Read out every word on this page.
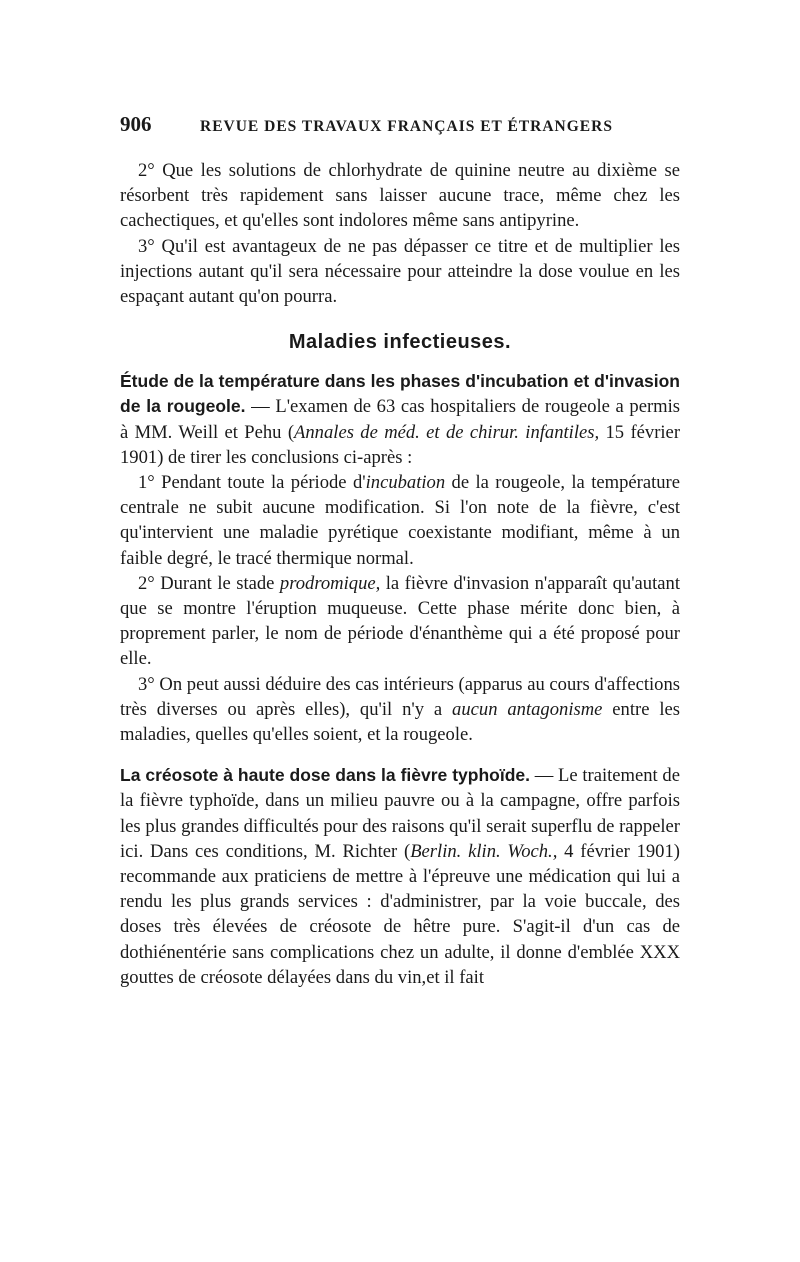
906	REVUE DES TRAVAUX FRANÇAIS ET ÉTRANGERS

2° Que les solutions de chlorhydrate de quinine neutre au dixième se résorbent très rapidement sans laisser aucune trace, même chez les cachectiques, et qu'elles sont indolores même sans antipyrine.

3° Qu'il est avantageux de ne pas dépasser ce titre et de multiplier les injections autant qu'il sera nécessaire pour atteindre la dose voulue en les espaçant autant qu'on pourra.

Maladies infectieuses.

Étude de la température dans les phases d'incubation et d'invasion de la rougeole. — L'examen de 63 cas hospitaliers de rougeole a permis à MM. Weill et Pehu (Annales de méd. et de chirur. infantiles, 15 février 1901) de tirer les conclusions ci-après :

1° Pendant toute la période d'incubation de la rougeole, la température centrale ne subit aucune modification. Si l'on note de la fièvre, c'est qu'intervient une maladie pyrétique coexistante modifiant, même à un faible degré, le tracé thermique normal.

2° Durant le stade prodromique, la fièvre d'invasion n'apparaît qu'autant que se montre l'éruption muqueuse. Cette phase mérite donc bien, à proprement parler, le nom de période d'énanthème qui a été proposé pour elle.

3° On peut aussi déduire des cas intérieurs (apparus au cours d'affections très diverses ou après elles), qu'il n'y a aucun antagonisme entre les maladies, quelles qu'elles soient, et la rougeole.

La créosote à haute dose dans la fièvre typhoïde. — Le traitement de la fièvre typhoïde, dans un milieu pauvre ou à la campagne, offre parfois les plus grandes difficultés pour des raisons qu'il serait superflu de rappeler ici. Dans ces conditions, M. Richter (Berlin. klin. Woch., 4 février 1901) recommande aux praticiens de mettre à l'épreuve une médication qui lui a rendu les plus grands services : d'administrer, par la voie buccale, des doses très élevées de créosote de hêtre pure. S'agit-il d'un cas de dothiénentérie sans complications chez un adulte, il donne d'emblée XXX gouttes de créosote délayées dans du vin,et il fait
